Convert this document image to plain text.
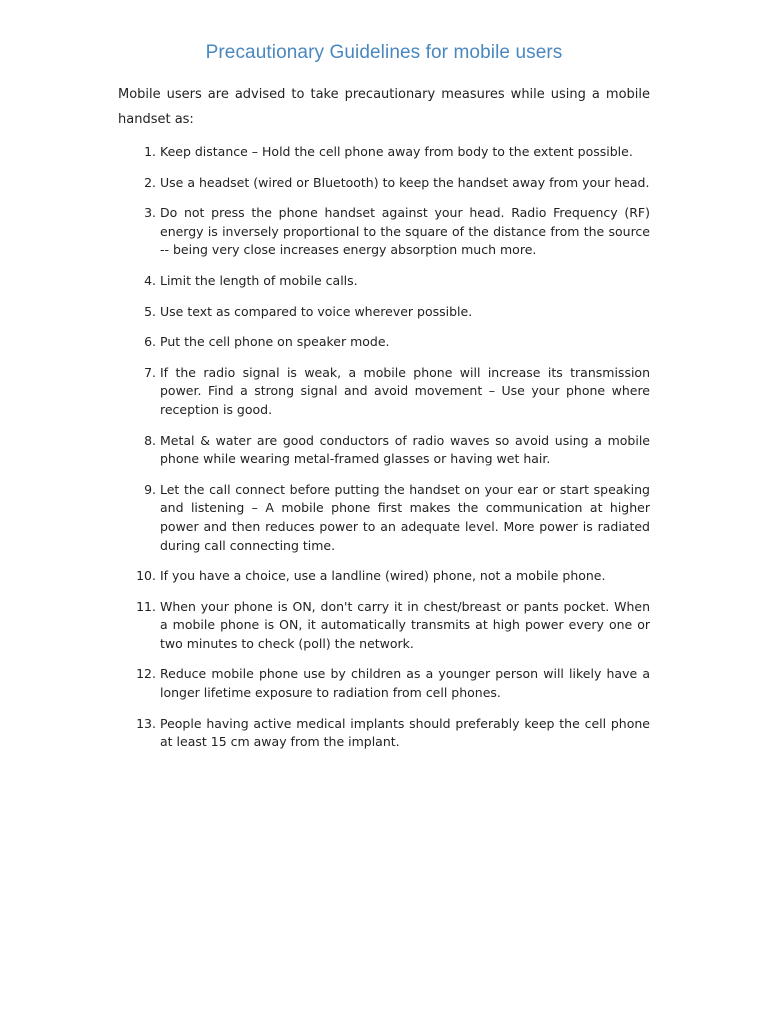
Precautionary Guidelines for mobile users
Mobile users are advised to take precautionary measures while using a mobile handset as:
1. Keep distance – Hold the cell phone away from body to the extent possible.
2. Use a headset (wired or Bluetooth) to keep the handset away from your head.
3. Do not press the phone handset against your head. Radio Frequency (RF) energy is inversely proportional to the square of the distance from the source -- being very close increases energy absorption much more.
4. Limit the length of mobile calls.
5. Use text as compared to voice wherever possible.
6. Put the cell phone on speaker mode.
7. If the radio signal is weak, a mobile phone will increase its transmission power. Find a strong signal and avoid movement – Use your phone where reception is good.
8. Metal & water are good conductors of radio waves so avoid using a mobile phone while wearing metal-framed glasses or having wet hair.
9. Let the call connect before putting the handset on your ear or start speaking and listening – A mobile phone first makes the communication at higher power and then reduces power to an adequate level. More power is radiated during call connecting time.
10. If you have a choice, use a landline (wired) phone, not a mobile phone.
11. When your phone is ON, don't carry it in chest/breast or pants pocket. When a mobile phone is ON, it automatically transmits at high power every one or two minutes to check (poll) the network.
12. Reduce mobile phone use by children as a younger person will likely have a longer lifetime exposure to radiation from cell phones.
13. People having active medical implants should preferably keep the cell phone at least 15 cm away from the implant.
